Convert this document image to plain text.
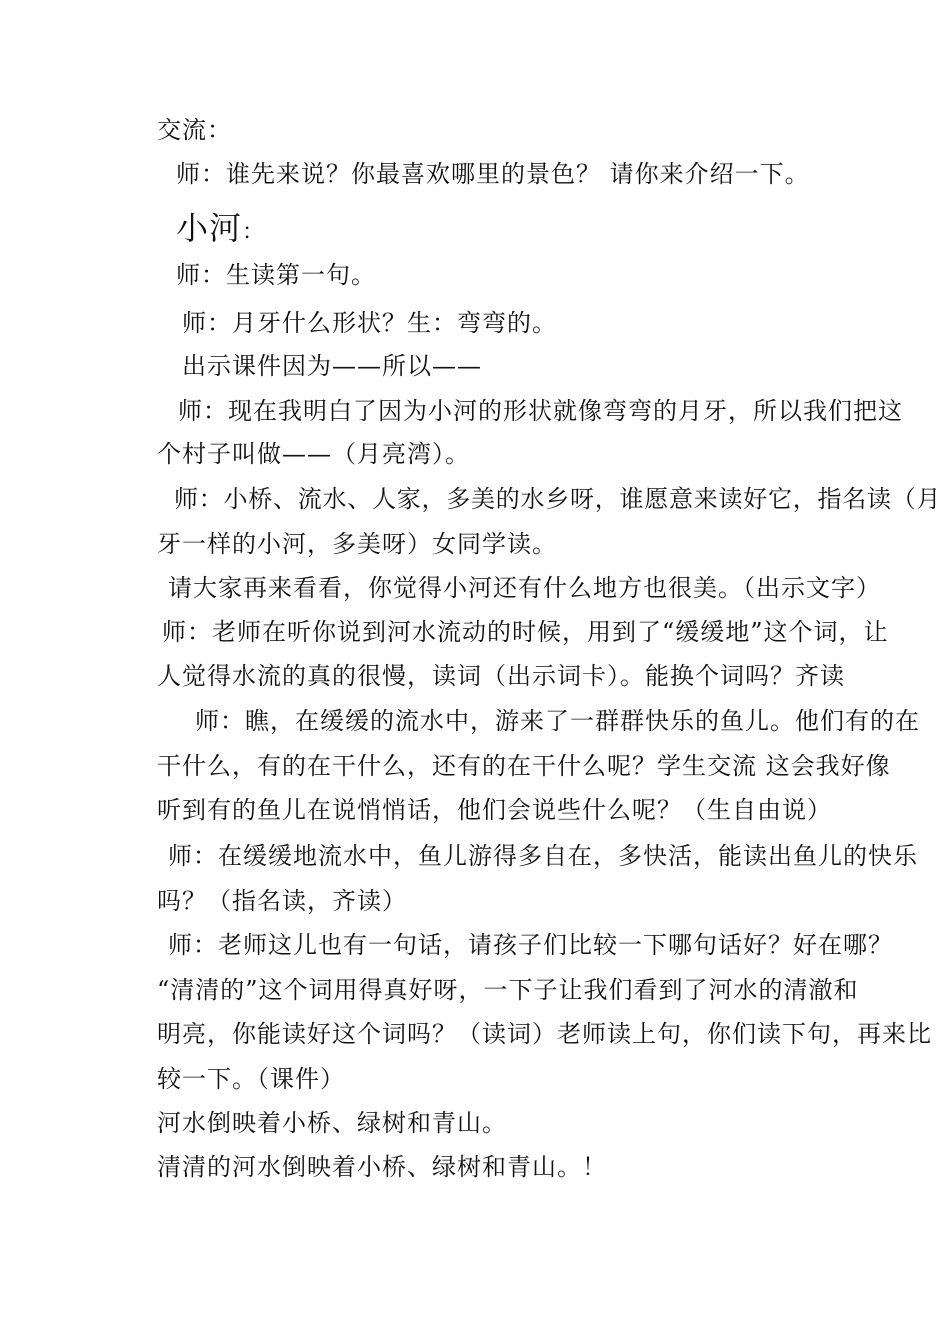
交流：
师：谁先来说？你最喜欢哪里的景色？ 请你来介绍一下。
小河：
师：生读第一句。
师：月牙什么形状？生：弯弯的。
出示课件因为——所以——
师：现在我明白了因为小河的形状就像弯弯的月牙，所以我们把这
个村子叫做——（月亮湾）。
师：小桥、流水、人家，多美的水乡呀，谁愿意来读好它，指名读（月
牙一样的小河，多美呀）女同学读。
请大家再来看看，你觉得小河还有什么地方也很美。（出示文字）
师：老师在听你说到河水流动的时候，用到了“缓缓地”这个词，让
人觉得水流的真的很慢，读词（出示词卡）。能换个词吗？齐读
师：瞧，在缓缓的流水中，游来了一群群快乐的鱼儿。他们有的在
干什么，有的在干什么，还有的在干什么呢？学生交流 这会我好像
听到有的鱼儿在说悄悄话，他们会说些什么呢？（生自由说）
师：在缓缓地流水中，鱼儿游得多自在，多快活，能读出鱼儿的快乐
吗？（指名读，齐读）
师：老师这儿也有一句话，请孩子们比较一下哪句话好？好在哪？
“清清的”这个词用得真好呀，一下子让我们看到了河水的清澈和
明亮，你能读好这个词吗？（读词）老师读上句，你们读下句，再来比
较一下。（课件）
河水倒映着小桥、绿树和青山。
清清的河水倒映着小桥、绿树和青山。！
